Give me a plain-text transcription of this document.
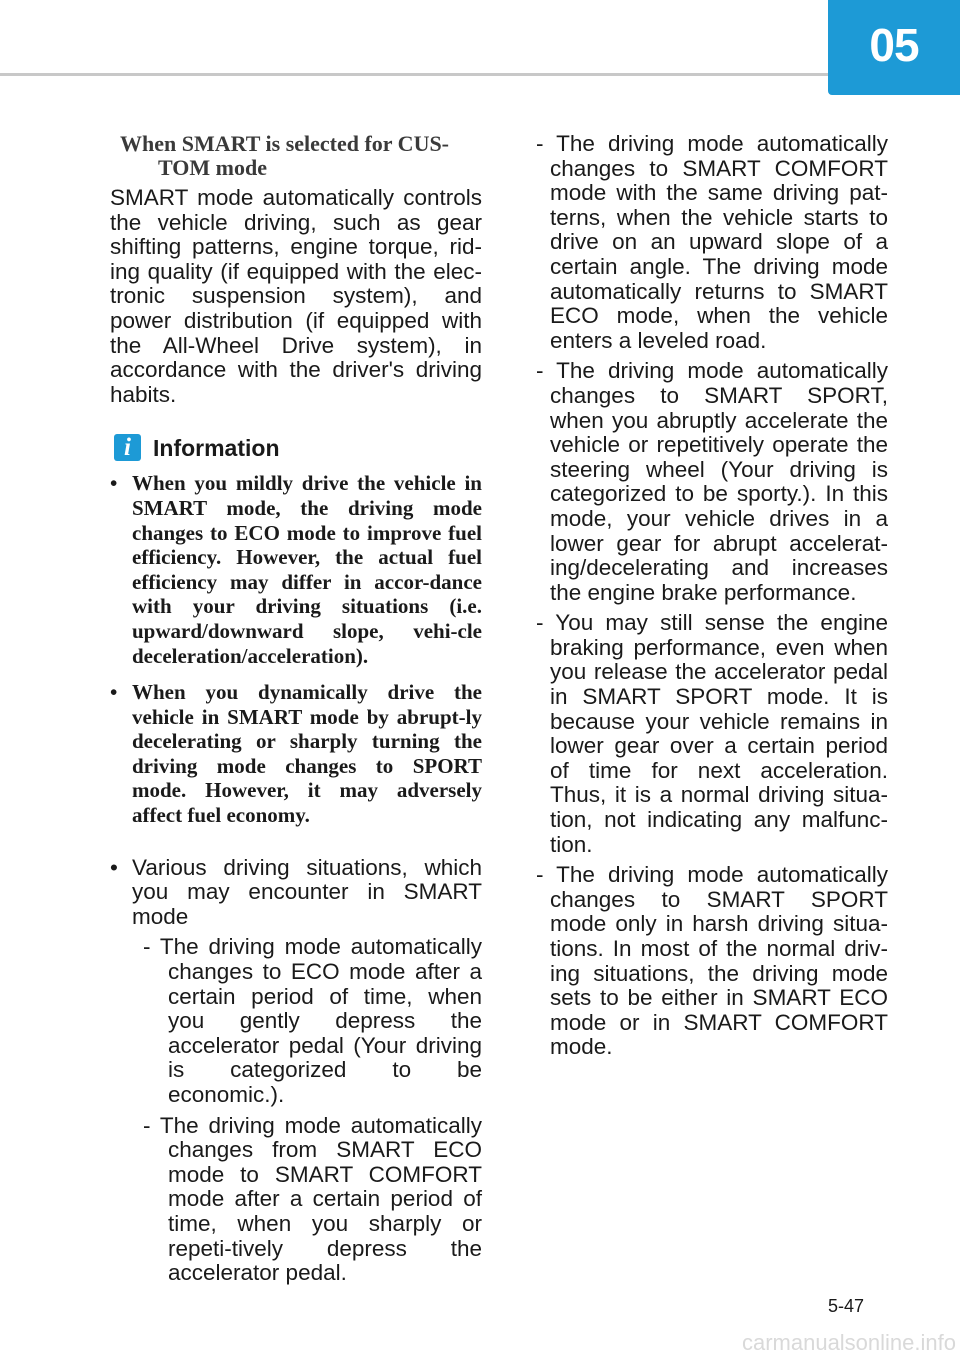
05

When SMART is selected for CUS-TOM mode

SMART mode automatically controls the vehicle driving, such as gear shifting patterns, engine torque, rid-ing quality (if equipped with the elec-tronic suspension system), and power distribution (if equipped with the All-Wheel Drive system), in accordance with the driver's driving habits.

i Information
• When you mildly drive the vehicle in SMART mode, the driving mode changes to ECO mode to improve fuel efficiency. However, the actual fuel efficiency may differ in accor-dance with your driving situations (i.e. upward/downward slope, vehi-cle deceleration/acceleration).
• When you dynamically drive the vehicle in SMART mode by abrupt-ly decelerating or sharply turning the driving mode changes to SPORT mode. However, it may adversely affect fuel economy.
• Various driving situations, which you may encounter in SMART mode
- The driving mode automatically changes to ECO mode after a certain period of time, when you gently depress the accelerator pedal (Your driving is categorized to be economic.).
- The driving mode automatically changes from SMART ECO mode to SMART COMFORT mode after a certain period of time, when you sharply or repeti-tively depress the accelerator pedal.
- The driving mode automatically changes to SMART COMFORT mode with the same driving pat-terns, when the vehicle starts to drive on an upward slope of a certain angle. The driving mode automatically returns to SMART ECO mode, when the vehicle enters a leveled road.
- The driving mode automatically changes to SMART SPORT, when you abruptly accelerate the vehicle or repetitively operate the steering wheel (Your driving is categorized to be sporty.). In this mode, your vehicle drives in a lower gear for abrupt accelerat-ing/decelerating and increases the engine brake performance.
- You may still sense the engine braking performance, even when you release the accelerator pedal in SMART SPORT mode. It is because your vehicle remains in lower gear over a certain period of time for next acceleration. Thus, it is a normal driving situa-tion, not indicating any malfunc-tion.
- The driving mode automatically changes to SMART SPORT mode only in harsh driving situa-tions. In most of the normal driv-ing situations, the driving mode sets to be either in SMART ECO mode or in SMART COMFORT mode.
5-47
carmanualsonline.info
